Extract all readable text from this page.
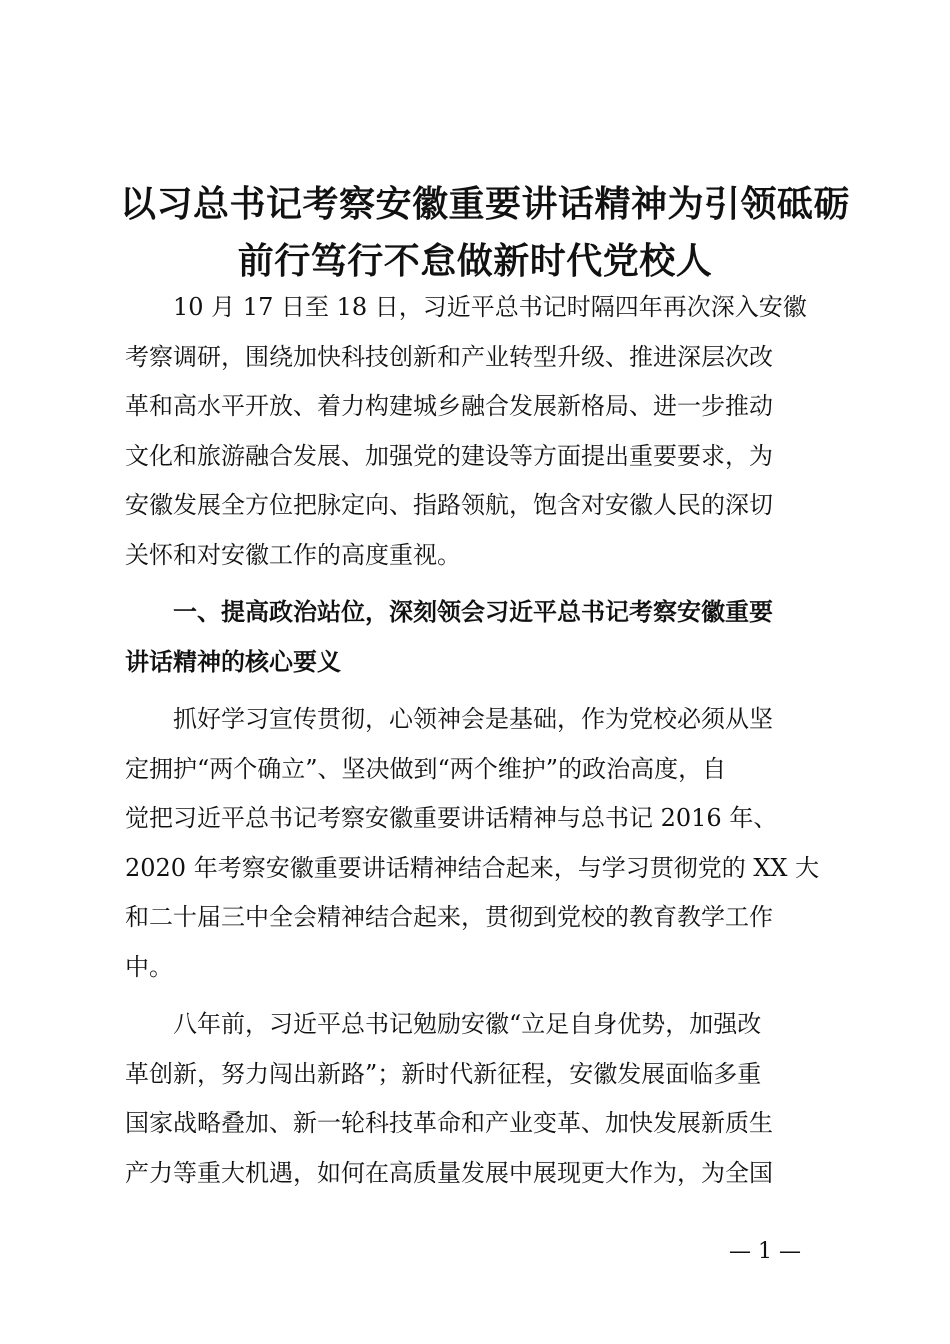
以习总书记考察安徽重要讲话精神为引领砥砺
前行笃行不怠做新时代党校人
10 月 17 日至 18 日，习近平总书记时隔四年再次深入安徽
考察调研，围绕加快科技创新和产业转型升级、推进深层次改
革和高水平开放、着力构建城乡融合发展新格局、进一步推动
文化和旅游融合发展、加强党的建设等方面提出重要要求，为
安徽发展全方位把脉定向、指路领航，饱含对安徽人民的深切
关怀和对安徽工作的高度重视。
一、提高政治站位，深刻领会习近平总书记考察安徽重要
讲话精神的核心要义
抓好学习宣传贯彻，心领神会是基础，作为党校必须从坚
定拥护“两个确立”、坚决做到“两个维护”的政治高度，自
觉把习近平总书记考察安徽重要讲话精神与总书记 2016 年、
2020 年考察安徽重要讲话精神结合起来，与学习贯彻党的 XX 大
和二十届三中全会精神结合起来，贯彻到党校的教育教学工作
中。
八年前，习近平总书记勉励安徽“立足自身优势，加强改
革创新，努力闯出新路”；新时代新征程，安徽发展面临多重
国家战略叠加、新一轮科技革命和产业变革、加快发展新质生
产力等重大机遇，如何在高质量发展中展现更大作为，为全国
— 1 —
